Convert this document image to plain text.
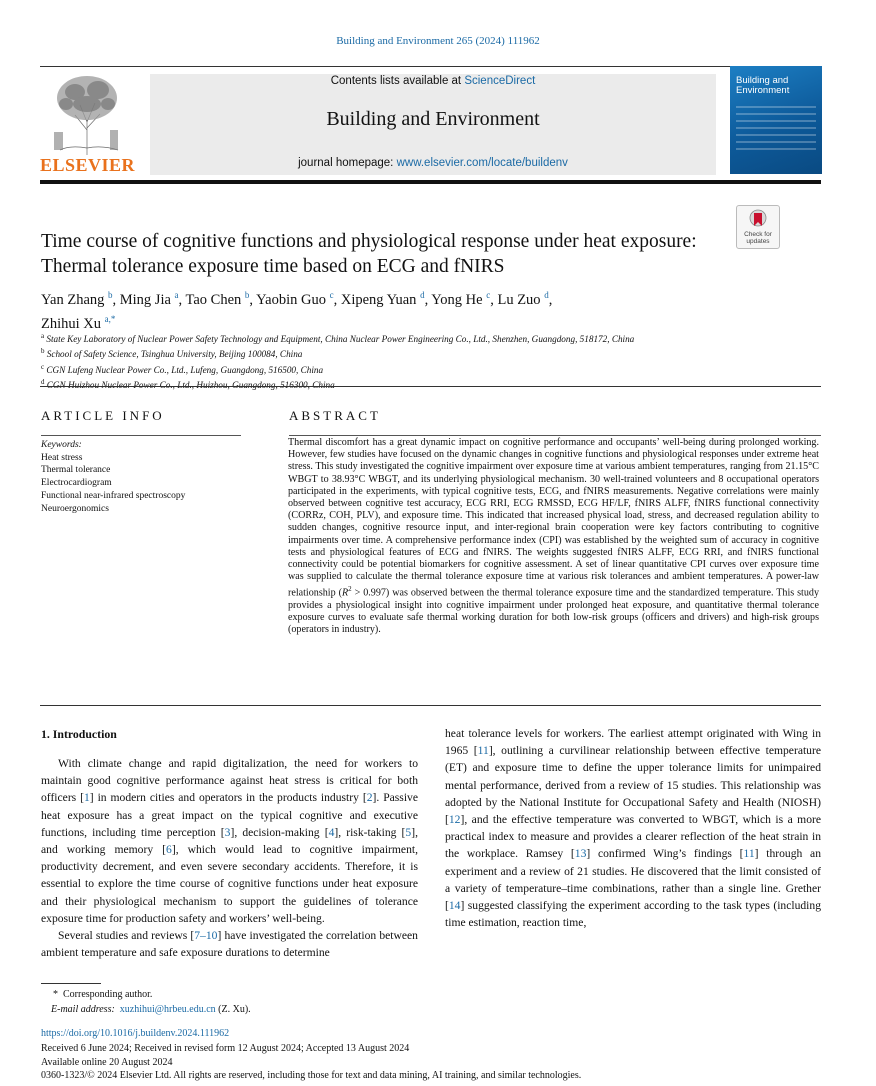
Building and Environment 265 (2024) 111962
ELSEVIER
Contents lists available at ScienceDirect
Building and Environment
journal homepage: www.elsevier.com/locate/buildenv
Building and Environment
Check for updates
Time course of cognitive functions and physiological response under heat exposure: Thermal tolerance exposure time based on ECG and fNIRS
Yan Zhang $^b$, Ming Jia $^a$, Tao Chen $^b$, Yaobin Guo $^c$, Xipeng Yuan $^d$, Yong He $^c$, Lu Zuo $^d$,
Zhihui Xu $^{a,*}$
$^a$ State Key Laboratory of Nuclear Power Safety Technology and Equipment, China Nuclear Power Engineering Co., Ltd., Shenzhen, Guangdong, 518172, China
$^b$ School of Safety Science, Tsinghua University, Beijing 100084, China
$^c$ CGN Lufeng Nuclear Power Co., Ltd., Lufeng, Guangdong, 516500, China
$^d$
ARTICLE INFO	ABSTRACT
Keywords:
Heat stress
Thermal tolerance
Electrocardiogram
Functional near-infrared spectroscopy
Neuroergonomics
Thermal discomfort has a great dynamic impact on cognitive performance and occupants’ well-being during prolonged working. However, few studies have focused on the dynamic changes in cognitive functions and physiological responses under extreme heat stress. This study investigated the cognitive impairment over exposure time at various ambient temperatures, ranging from 21.15°C WBGT to 38.93°C WBGT, and its underlying physiological mechanism. 30 well-trained volunteers and 8 occupational operators participated in the experiments, with typical cognitive tests, ECG, and fNIRS measurements. Negative correlations were mainly observed between cognitive test accuracy, ECG RRI, ECG RMSSD, ECG HF/LF, fNIRS ALFF, fNIRS functional connectivity (CORRz, COH, PLV), and exposure time. This indicated that increased physical load, stress, and decreased regulation ability to sudden changes, cognitive resource input, and inter-regional brain cooperation were key factors contributing to cognitive impairments over time. A comprehensive performance index (CPI) was established by the weighted sum of accuracy in cognitive tests and physiological features of ECG and fNIRS. The weights suggested fNIRS ALFF, ECG RRI, and fNIRS functional connectivity could be potential biomarkers for cognitive assessment. A set of linear quantitative CPI curves over exposure time was supplied to calculate the thermal tolerance exposure time at various risk tolerances and ambient temperatures. A power-law relationship $(R^2 > 0.997)$ was observed between the thermal tolerance exposure time and the standardized temperature. This study provides a physiological insight into cognitive impairment under prolonged heat exposure, and quantitative thermal tolerance exposure curves to evaluate safe thermal working duration for both low-risk groups (officers and drivers) and high-risk groups (operators in industry).
1. Introduction

With climate change and rapid digitalization, the need for workers to maintain good cognitive performance against heat stress is critical for both officers [1] in modern cities and operators in the products industry [2]. Passive heat exposure has a great impact on the typical cognitive and executive functions, including time perception [3], decision-making [4], risk-taking [5], and working memory [6], which would lead to cognitive impairment, productivity decrement, and even severe secondary accidents. Therefore, it is essential to explore the time course of cognitive functions under heat exposure and their physiological mechanism to support the guidelines of tolerance exposure time for production safety and workers’ well-being.

Several studies and reviews [7–10] have investigated the correlation between ambient temperature and safe exposure durations to determine

heat tolerance levels for workers. The earliest attempt originated with Wing in 1965 [11], outlining a curvilinear relationship between effective temperature (ET) and exposure time to define the upper tolerance limits for unimpaired mental performance, derived from a review of 15 studies. This relationship was adopted by the National Institute for Occupational Safety and Health (NIOSH) [12], and the effective temperature was converted to WBGT, which is a more practical index to measure and provides a clearer reflection of the heat strain in the workplace. Ramsey [13] confirmed Wing’s findings [11] through an experiment and a review of 21 studies. He discovered that the limit consisted of a variety of temperature–time combinations, rather than a single line. Grether [14] suggested classifying the experiment according to the task types (including time estimation, reaction time,

*  Corresponding author.
E-mail address: xuzhihui@hrbeu.edu.cn (Z. Xu).
https://doi.org/10.1016/j.buildenv.2024.111962
Received 6 June 2024; Received in revised form 12 August 2024; Accepted 13 August 2024
Available online 20 August 2024
0360-1323/© 2024 Elsevier Ltd. All rights are reserved, including those for text and data mining, AI training, and similar technologies.
